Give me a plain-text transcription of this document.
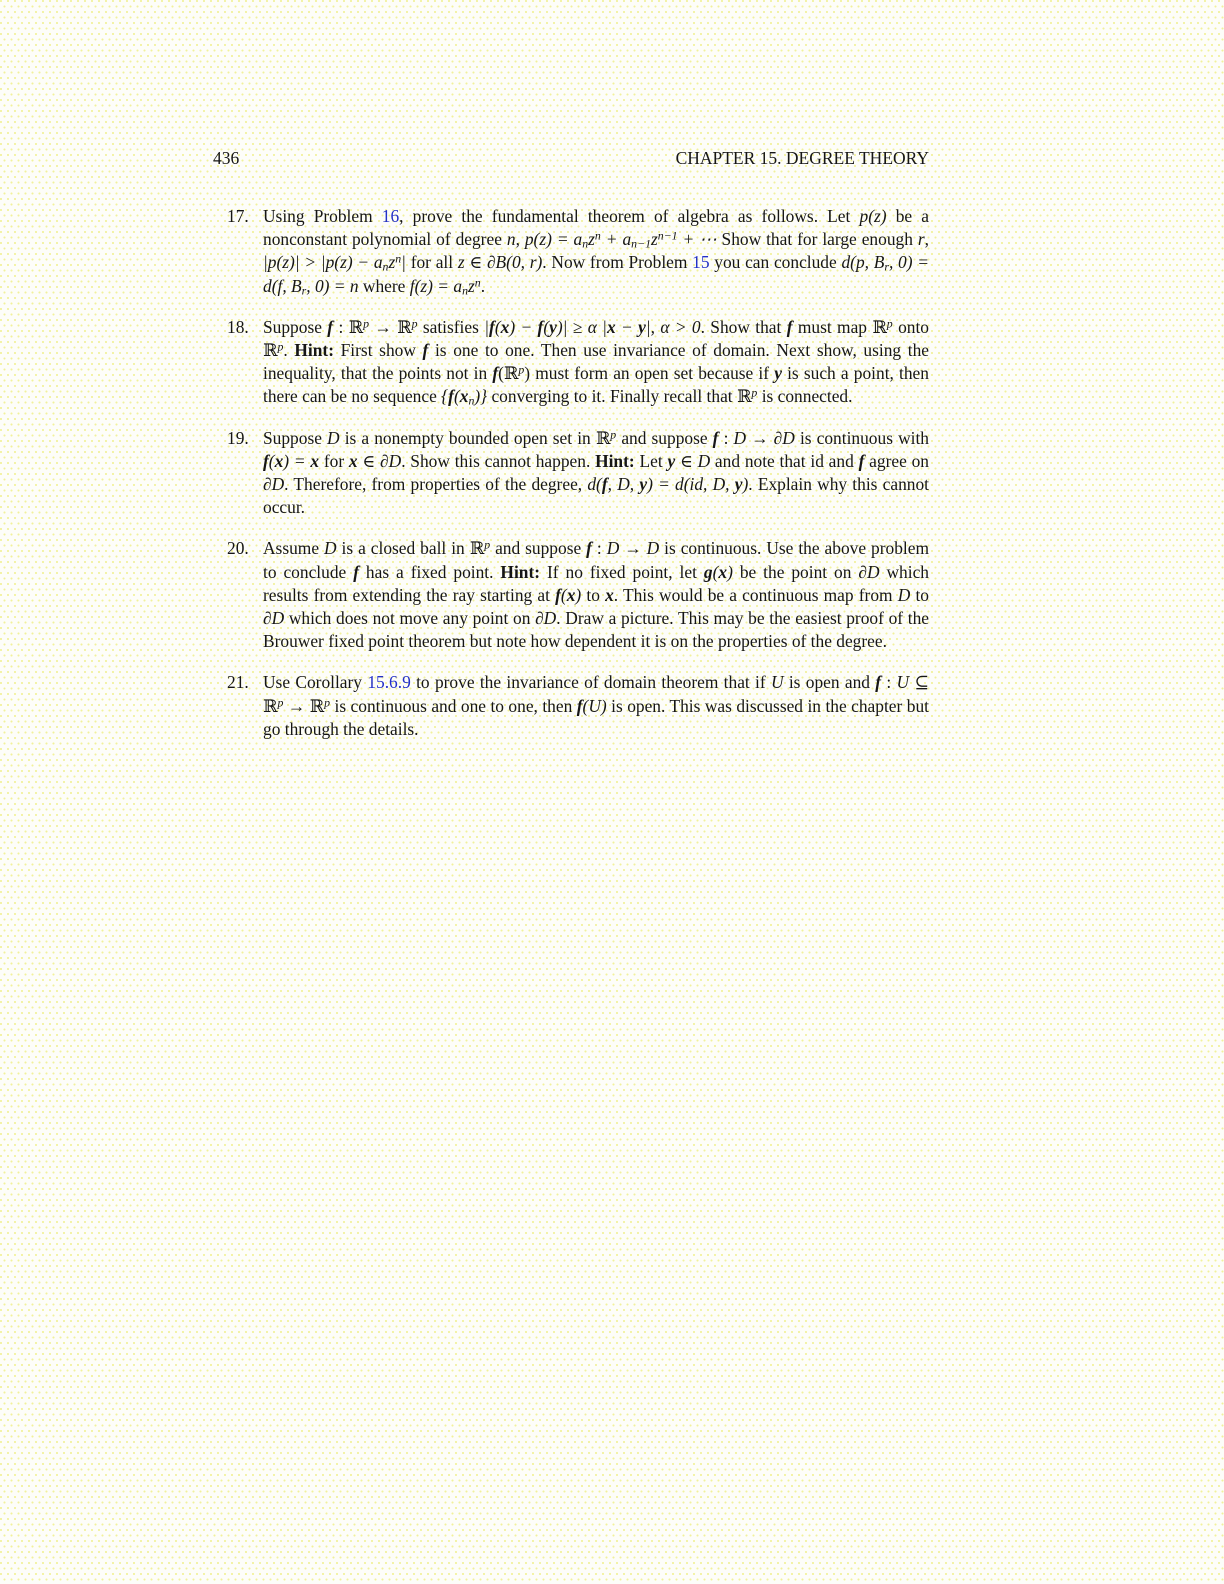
436	CHAPTER 15. DEGREE THEORY
17. Using Problem 16, prove the fundamental theorem of algebra as follows. Let p(z) be a nonconstant polynomial of degree n, $p(z) = anz^n + an-1z^{n-1}$ + ⋯ Show that for large enough r, |p(z)| > |p(z) − anz$^n$| for all z ∈ ∂B(0, r). Now from Problem 15 you can conclude d(p, Br, 0) = d(f, Br, 0) = n where f(z) = anz$^n$.
18. Suppose f : ℝ$^p$ → ℝ$^p$ satisfies |f(x) − f(y)| ≥ α |x − y|, α > 0. Show that f must map ℝ$^p$ onto ℝ$^p$. Hint: First show f is one to one. Then use invariance of domain. Next show, using the inequality, that the points not in f(ℝ$^p$) must form an open set because if y is such a point, then there can be no sequence {f(xn)} converging to it. Finally recall that ℝ$^p$ is connected.
19. Suppose D is a nonempty bounded open set in ℝ$^p$ and suppose f : D → ∂D is continuous with f(x) = x for x ∈ ∂D. Show this cannot happen. Hint: Let y ∈ D and note that id and f agree on ∂D. Therefore, from properties of the degree, d(f, D, y) = d(id, D, y). Explain why this cannot occur.
20. Assume D is a closed ball in ℝ$^p$ and suppose f : D → D is continuous. Use the above problem to conclude f has a fixed point. Hint: If no fixed point, let g(x) be the point on ∂D which results from extending the ray starting at f(x) to x. This would be a continuous map from D to ∂D which does not move any point on ∂D. Draw a picture. This may be the easiest proof of the Brouwer fixed point theorem but note how dependent it is on the properties of the degree.
21. Use Corollary 15.6.9 to prove the invariance of domain theorem that if U is open and f : U ⊆ ℝ$^p$ → ℝ$^p$ is continuous and one to one, then f(U) is open. This was discussed in the chapter but go through the details.
